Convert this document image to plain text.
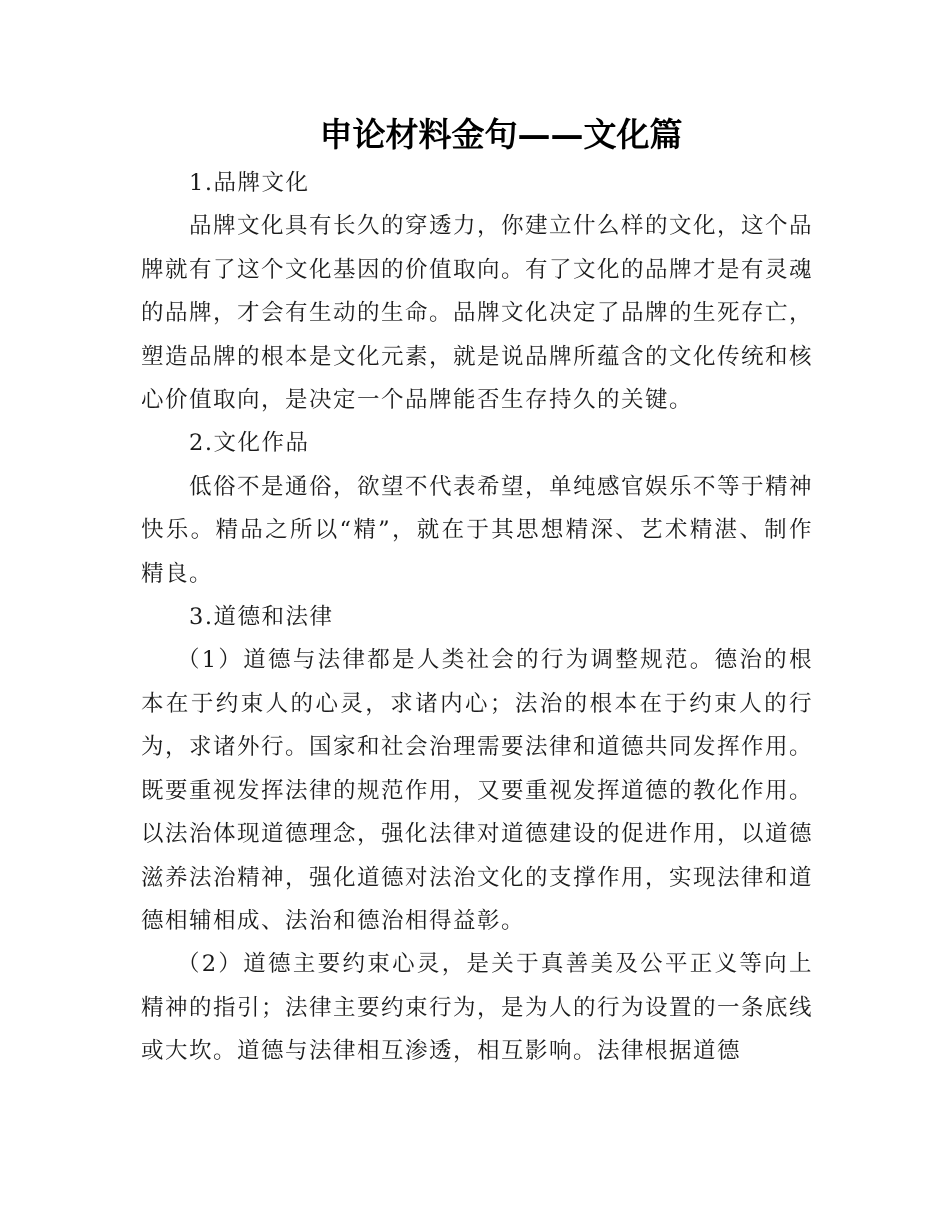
申论材料金句——文化篇

1.品牌文化

品牌文化具有长久的穿透力，你建立什么样的文化，这个品牌就有了这个文化基因的价值取向。有了文化的品牌才是有灵魂的品牌，才会有生动的生命。品牌文化决定了品牌的生死存亡，塑造品牌的根本是文化元素，就是说品牌所蕴含的文化传统和核心价值取向，是决定一个品牌能否生存持久的关键。

2.文化作品

低俗不是通俗，欲望不代表希望，单纯感官娱乐不等于精神快乐。精品之所以“精”，就在于其思想精深、艺术精湛、制作精良。

3.道德和法律

（1）道德与法律都是人类社会的行为调整规范。德治的根本在于约束人的心灵，求诸内心；法治的根本在于约束人的行为，求诸外行。国家和社会治理需要法律和道德共同发挥作用。既要重视发挥法律的规范作用，又要重视发挥道德的教化作用。以法治体现道德理念，强化法律对道德建设的促进作用，以道德滋养法治精神，强化道德对法治文化的支撑作用，实现法律和道德相辅相成、法治和德治相得益彰。

（2）道德主要约束心灵，是关于真善美及公平正义等向上精神的指引；法律主要约束行为，是为人的行为设置的一条底线或大坎。道德与法律相互渗透，相互影响。法律根据道德
